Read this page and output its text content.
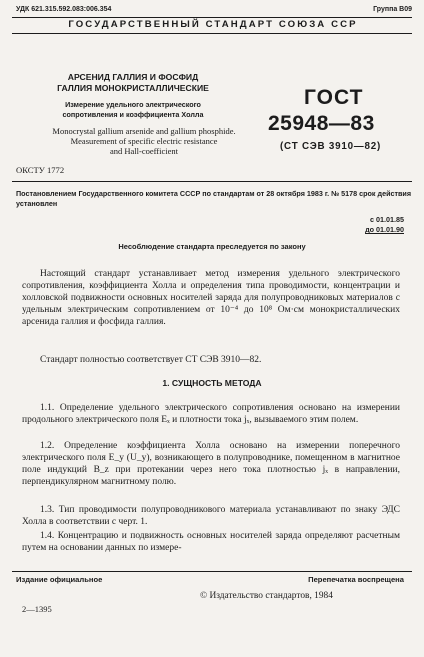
УДК 621.315.592.083:006.354	Группа В09
ГОСУДАРСТВЕННЫЙ СТАНДАРТ СОЮЗА ССР
АРСЕНИД ГАЛЛИЯ И ФОСФИД
ГАЛЛИЯ МОНОКРИСТАЛЛИЧЕСКИЕ
Измерение удельного электрического
сопротивления и коэффициента Холла
Monocrystal gallium arsenide and gallium phosphide.
Measurement of specific electric resistance
and Hall-coefficient
ГОСТ
25948—83
(СТ СЭВ 3910—82)
ОКСТУ 1772
Постановлением Государственного комитета СССР по стандартам от 28 октября 1983 г. № 5178 срок действия установлен
с 01.01.85
до 01.01.90
Несоблюдение стандарта преследуется по закону

Настоящий стандарт устанавливает метод измерения удельного электрического сопротивления, коэффициента Холла и определения типа проводимости, концентрации и холловской подвижности основных носителей заряда для полупроводниковых материалов с удельным электрическим сопротивлением от 10⁻⁴ до 10⁸ Ом·см монокристаллических арсенида галлия и фосфида галлия.

Стандарт полностью соответствует СТ СЭВ 3910—82.

1. СУЩНОСТЬ МЕТОДА

1.1. Определение удельного электрического сопротивления основано на измерении продольного электрического поля Eₓ и плотности тока jₓ, вызываемого этим полем.

1.2. Определение коэффициента Холла основано на измерении поперечного электрического поля E_y (U_y), возникающего в полупроводнике, помещенном в магнитное поле индукций B_z при протекании через него тока плотностью jₓ в направлении, перпендикулярном магнитному полю.

1.3. Тип проводимости полупроводникового материала устанавливают по знаку ЭДС Холла в соответствии с черт. 1.

1.4. Концентрацию и подвижность основных носителей заряда определяют расчетным путем на основании данных по измере-

Издание официальное	Перепечатка воспрещена
© Издательство стандартов, 1984
2—1395
